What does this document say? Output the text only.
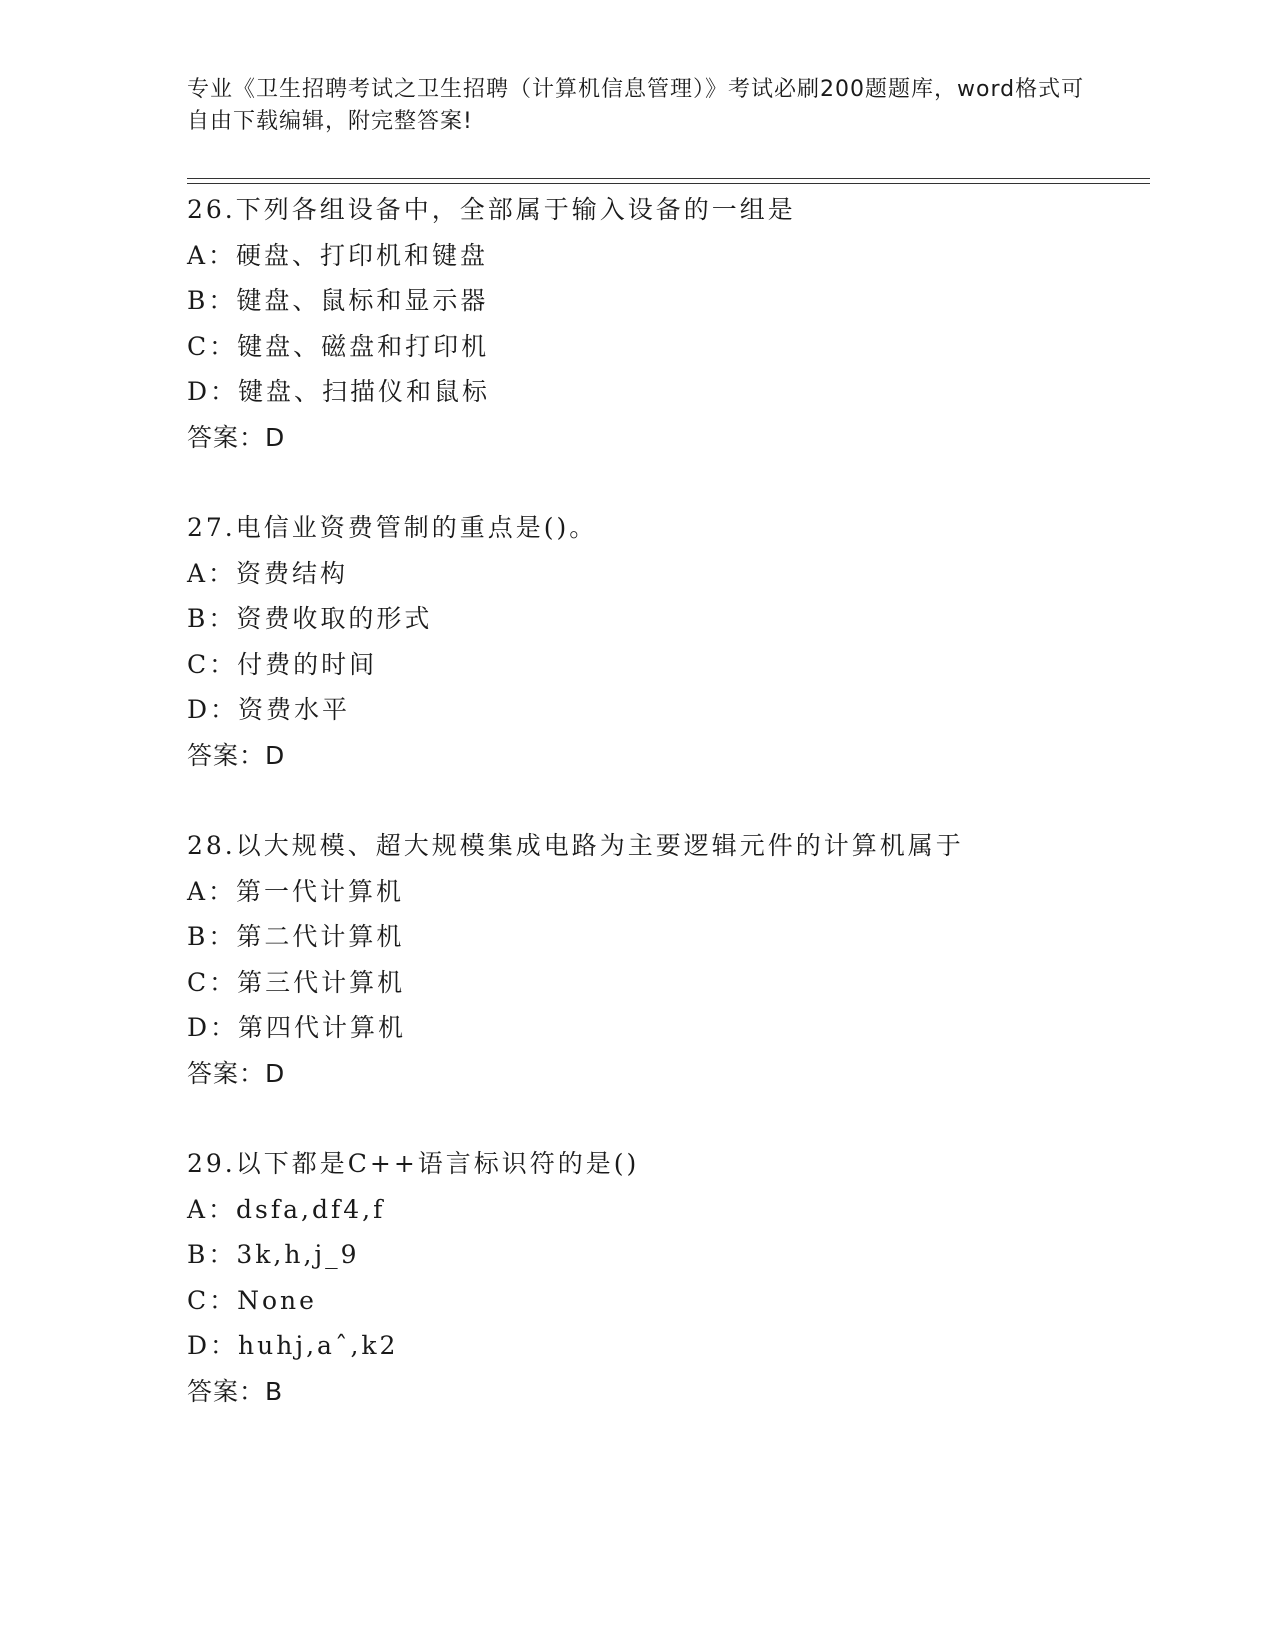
专业《卫生招聘考试之卫生招聘（计算机信息管理）》考试必刷200题题库，word格式可自由下载编辑，附完整答案!
26.下列各组设备中，全部属于输入设备的一组是
A：硬盘、打印机和键盘
B：键盘、鼠标和显示器
C：键盘、磁盘和打印机
D：键盘、扫描仪和鼠标
答案：D
27.电信业资费管制的重点是()。
A：资费结构
B：资费收取的形式
C：付费的时间
D：资费水平
答案：D
28.以大规模、超大规模集成电路为主要逻辑元件的计算机属于
A：第一代计算机
B：第二代计算机
C：第三代计算机
D：第四代计算机
答案：D
29.以下都是C++语言标识符的是()
A：dsfa,df4,f
B：3k,h,j_9
C：None
D：huhj,aˆ,k2
答案：B
